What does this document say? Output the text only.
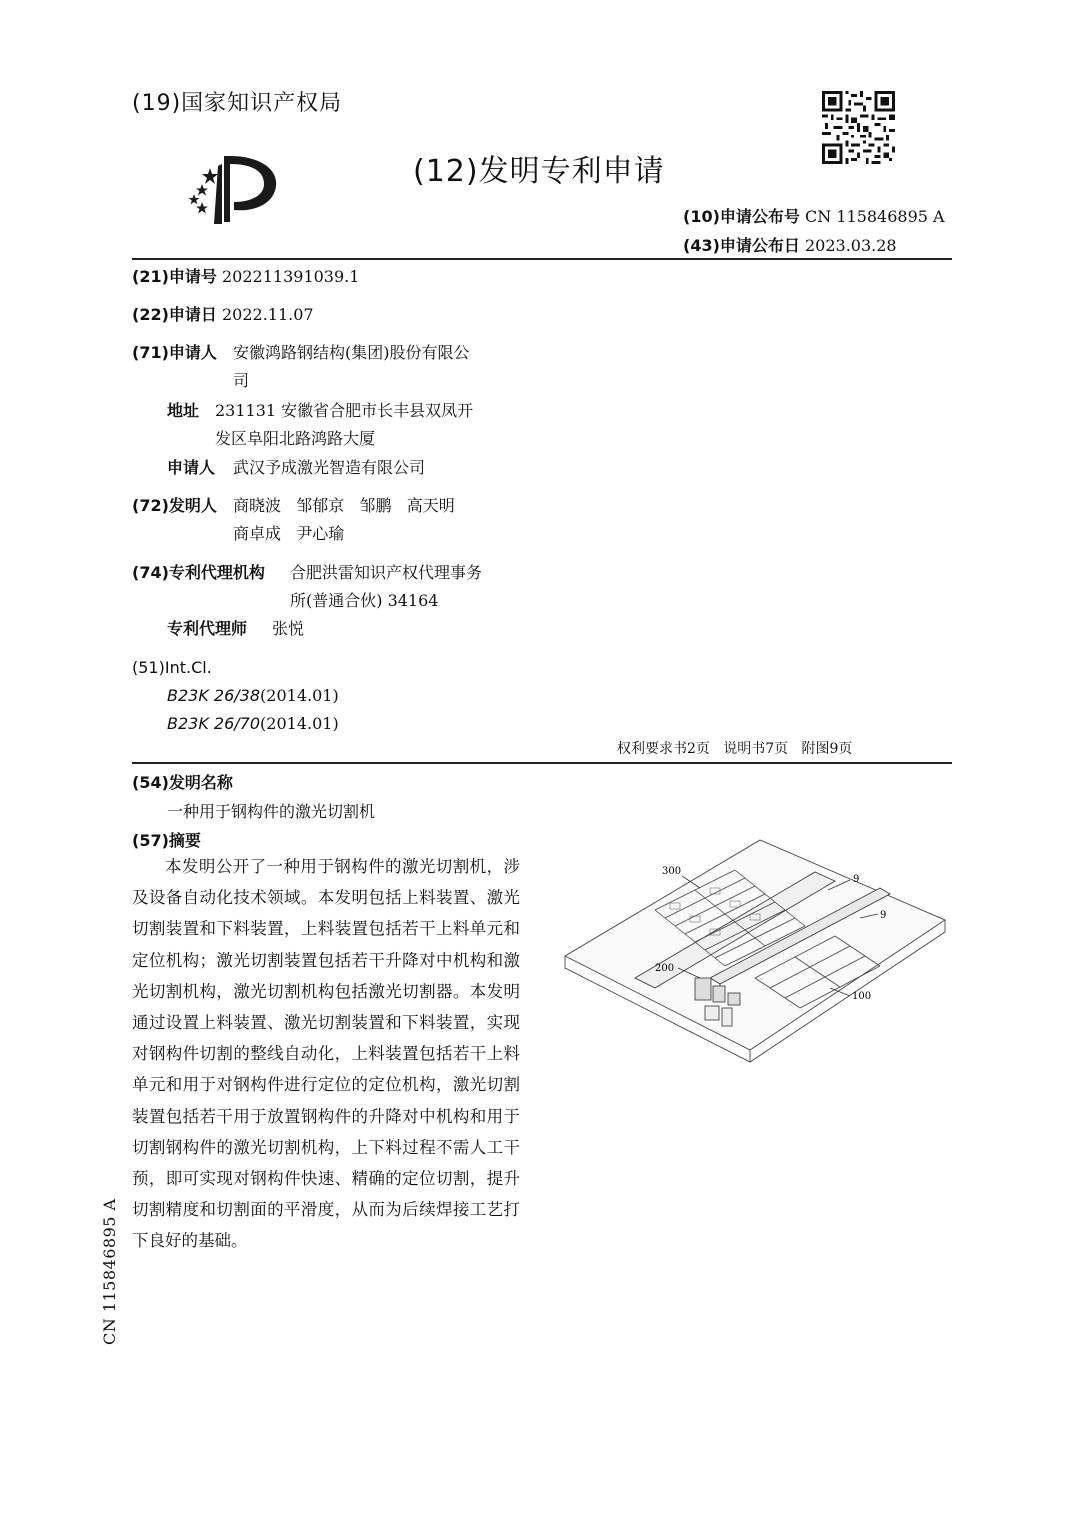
(19)国家知识产权局
(12)发明专利申请
(10)申请公布号 CN 115846895 A
(43)申请公布日 2023.03.28
(21)申请号 202211391039.1
(22)申请日 2022.11.07
(71)申请人 安徽鸿路钢结构(集团)股份有限公
司
地址 231131 安徽省合肥市长丰县双凤开
发区阜阳北路鸿路大厦
申请人 武汉予成激光智造有限公司
(72)发明人 商晓波   邹郁京   邹鹏   高天明
商卓成   尹心瑜
(74)专利代理机构 合肥洪雷知识产权代理事务
所(普通合伙) 34164
专利代理师 张悦
(51)Int.Cl.
B23K 26/38(2014.01)
B23K 26/70(2014.01)
权利要求书2页   说明书7页   附图9页
(54)发明名称
一种用于钢构件的激光切割机
(57)摘要
本发明公开了一种用于钢构件的激光切割机，涉及设备自动化技术领域。本发明包括上料装置、激光切割装置和下料装置，上料装置包括若干上料单元和定位机构；激光切割装置包括若干升降对中机构和激光切割机构，激光切割机构包括激光切割器。本发明通过设置上料装置、激光切割装置和下料装置，实现对钢构件切割的整线自动化，上料装置包括若干上料单元和用于对钢构件进行定位的定位机构，激光切割装置包括若干用于放置钢构件的升降对中机构和用于切割钢构件的激光切割机构，上下料过程不需人工干预，即可实现对钢构件快速、精确的定位切割，提升切割精度和切割面的平滑度，从而为后续焊接工艺打下良好的基础。
300
9
9
200
100
CN 115846895 A
